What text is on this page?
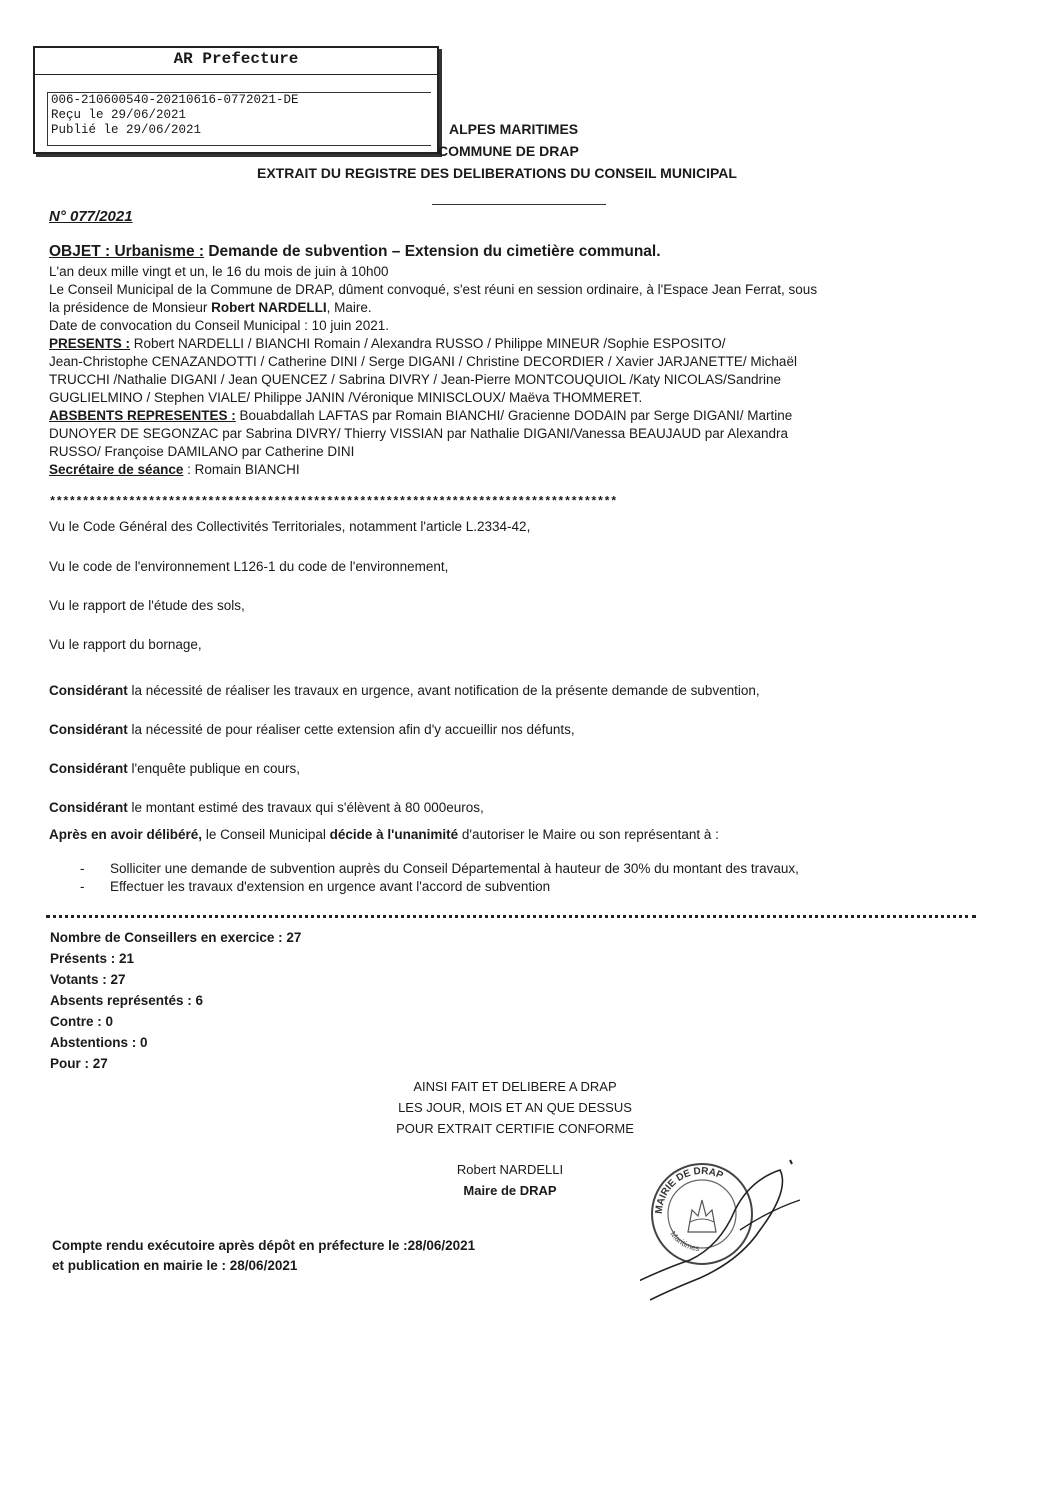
AR Prefecture
006-210600540-20210616-0772021-DE
Reçu le 29/06/2021
Publié le 29/06/2021	ALPES MARITIMES
COMMUNE DE DRAP
EXTRAIT DU REGISTRE DES DELIBERATIONS DU CONSEIL MUNICIPAL
N° 077/2021
OBJET : Urbanisme : Demande de subvention – Extension du cimetière communal.
L'an deux mille vingt et un, le 16 du mois de juin à 10h00
Le Conseil Municipal de la Commune de DRAP, dûment convoqué, s'est réuni en session ordinaire, à l'Espace Jean Ferrat, sous
la présidence de Monsieur Robert NARDELLI, Maire.
Date de convocation du Conseil Municipal : 10 juin 2021.
PRESENTS : Robert NARDELLI / BIANCHI Romain / Alexandra RUSSO / Philippe MINEUR /Sophie ESPOSITO/
Jean-Christophe CENAZANDOTTI / Catherine DINI / Serge DIGANI / Christine DECORDIER / Xavier JARJANETTE/ Michaël
TRUCCHI /Nathalie DIGANI / Jean QUENCEZ / Sabrina DIVRY / Jean-Pierre MONTCOUQUIOL /Katy NICOLAS/Sandrine
GUGLIELMINO / Stephen VIALE/ Philippe JANIN /Véronique MINISCLOUX/ Maëva THOMMERET.
ABSBENTS REPRESENTES : Bouabdallah LAFTAS par Romain BIANCHI/ Gracienne DODAIN par Serge DIGANI/ Martine
DUNOYER DE SEGONZAC par Sabrina DIVRY/ Thierry VISSIAN par Nathalie DIGANI/Vanessa BEAUJAUD par Alexandra
RUSSO/ Françoise DAMILANO par Catherine DINI
Secrétaire de séance : Romain BIANCHI
**************************************************************************************
Vu le Code Général des Collectivités Territoriales, notamment l'article L.2334-42,
Vu le code de l'environnement L126-1 du code de l'environnement,
Vu le rapport de l'étude des sols,
Vu le rapport du bornage,
Considérant la nécessité de réaliser les travaux en urgence, avant notification de la présente demande de subvention,
Considérant la nécessité de pour réaliser cette extension afin d'y accueillir nos défunts,
Considérant l'enquête publique en cours,
Considérant le montant estimé des travaux qui s'élèvent à 80 000euros,
Après en avoir délibéré, le Conseil Municipal décide à l'unanimité d'autoriser le Maire ou son représentant à :
- Solliciter une demande de subvention auprès du Conseil Départemental à hauteur de 30% du montant des travaux,
- Effectuer les travaux d'extension en urgence avant l'accord de subvention
Nombre de Conseillers en exercice : 27
Présents : 21
Votants : 27
Absents représentés : 6
Contre : 0
Abstentions : 0
Pour : 27
AINSI FAIT ET DELIBERE A DRAP
LES JOUR, MOIS ET AN QUE DESSUS
POUR EXTRAIT CERTIFIE CONFORME
Robert NARDELLI
Maire de DRAP
MAIRIE DE DRAP
Maritimes
Compte rendu exécutoire après dépôt en préfecture le :28/06/2021
et publication en mairie le : 28/06/2021
